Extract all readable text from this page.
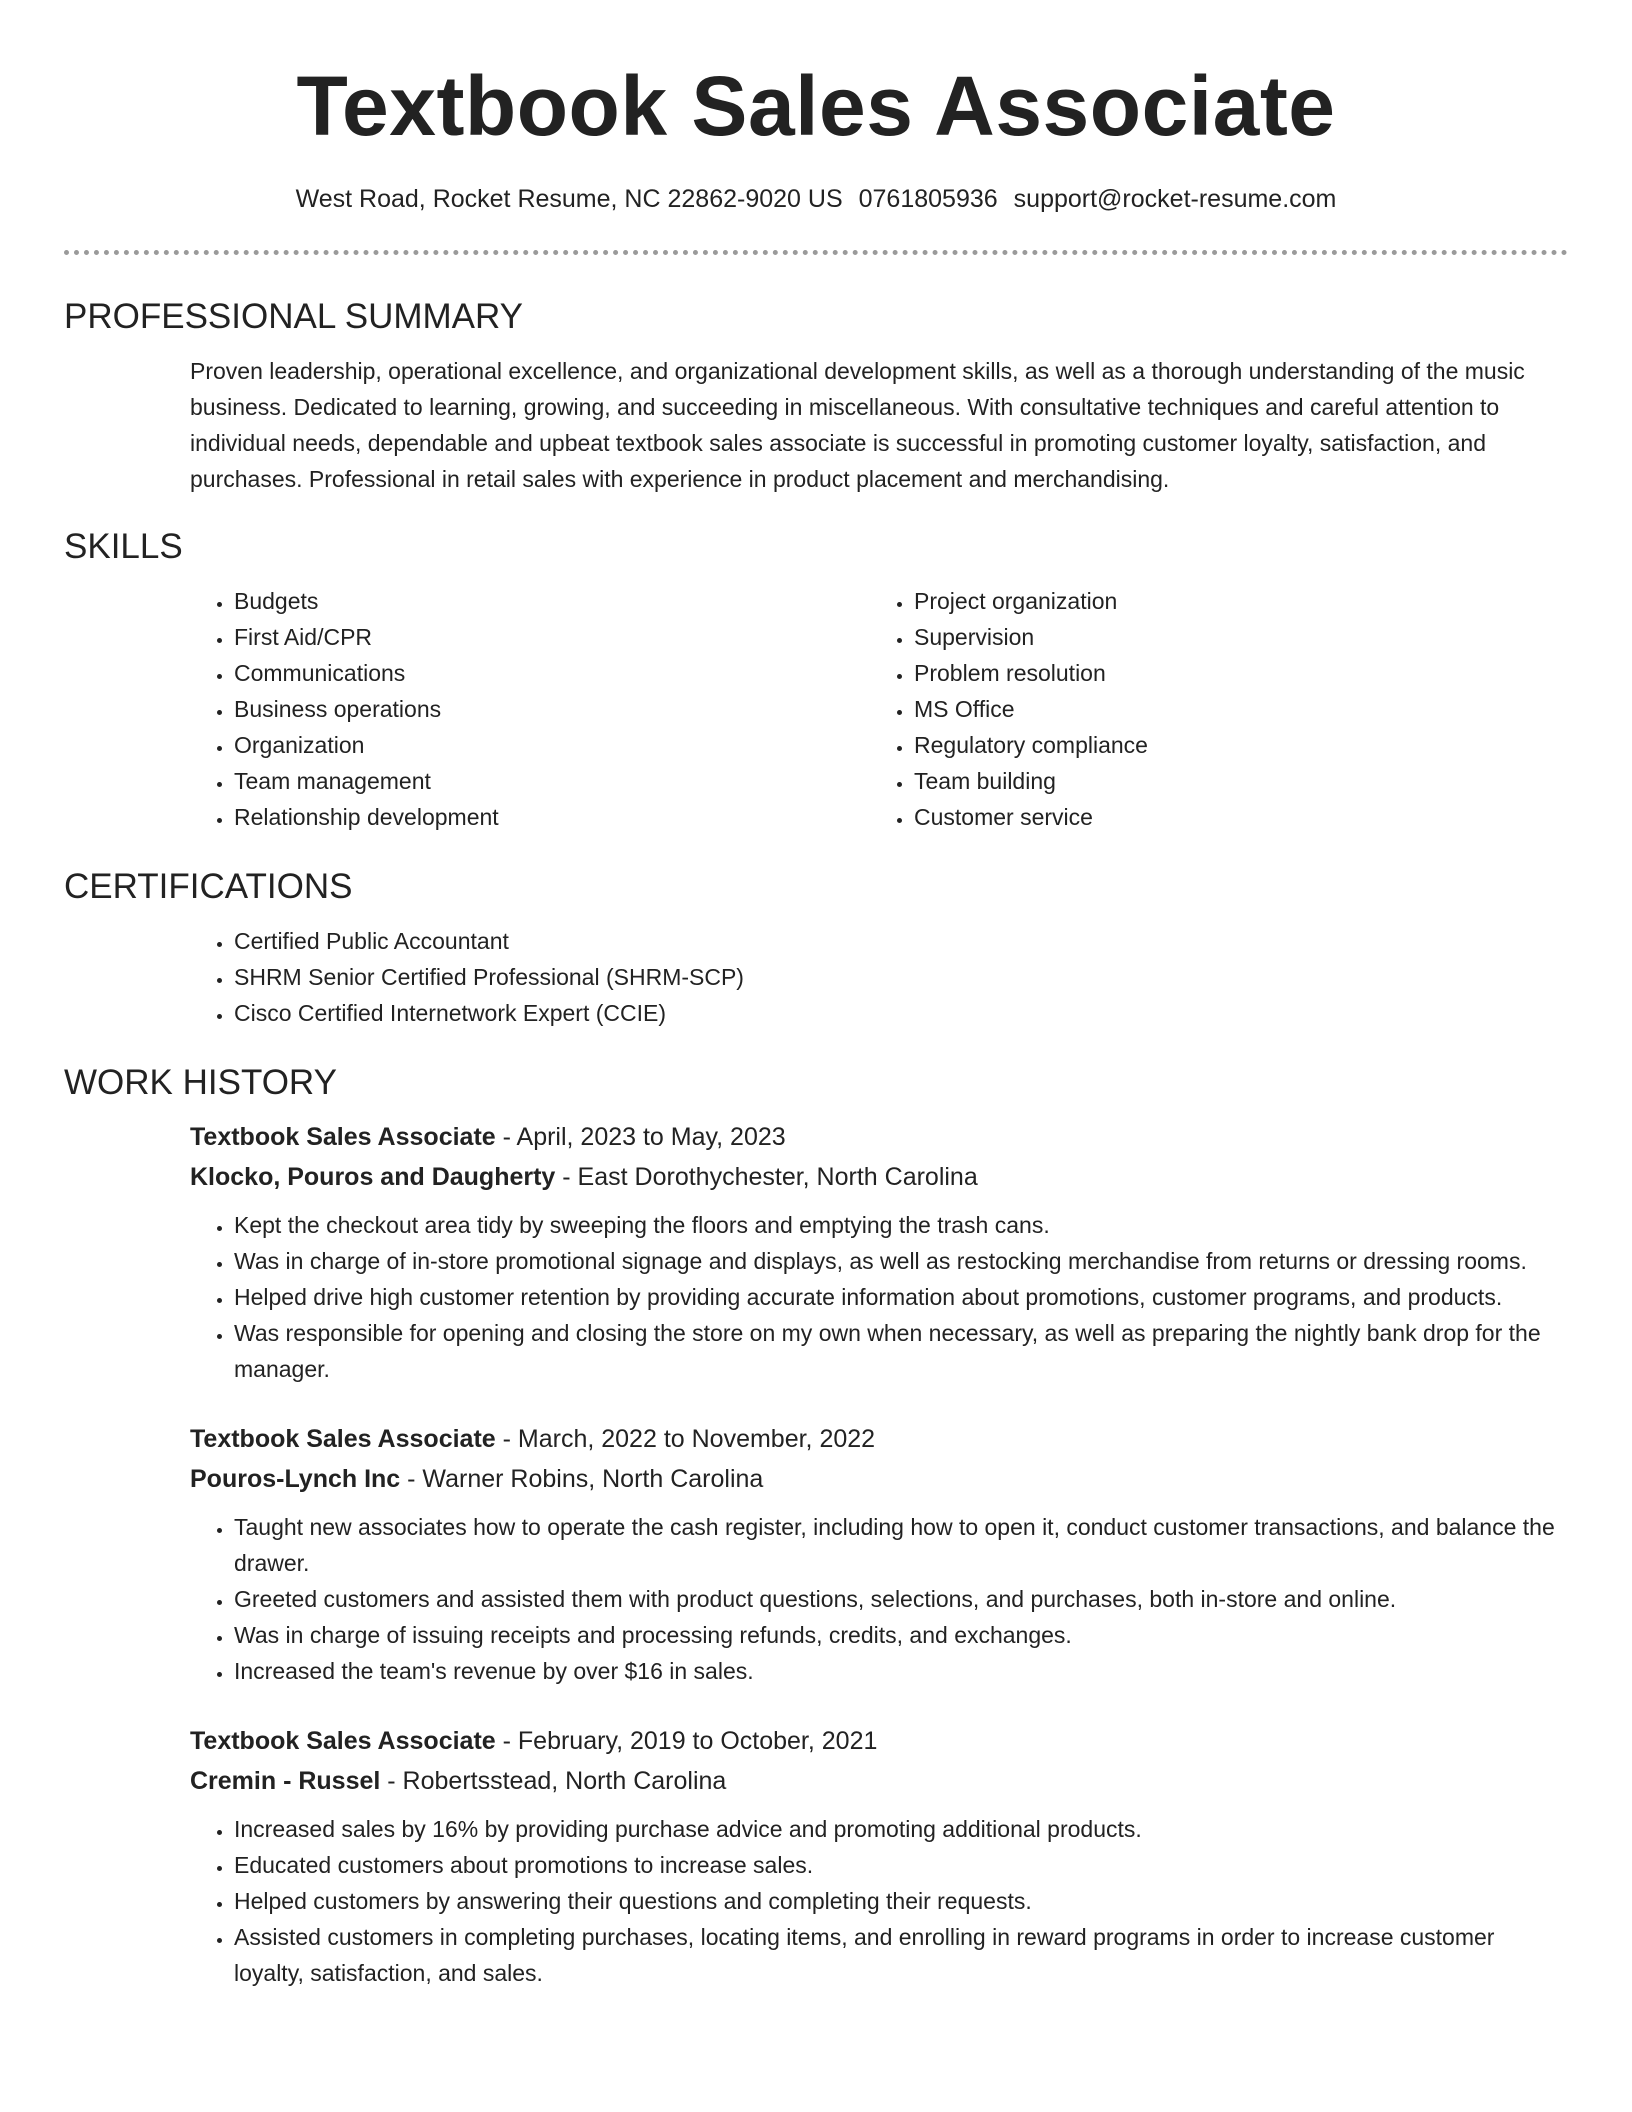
Textbook Sales Associate
West Road, Rocket Resume, NC 22862-9020 US 0761805936 support@rocket-resume.com
PROFESSIONAL SUMMARY
Proven leadership, operational excellence, and organizational development skills, as well as a thorough understanding of the music business. Dedicated to learning, growing, and succeeding in miscellaneous. With consultative techniques and careful attention to individual needs, dependable and upbeat textbook sales associate is successful in promoting customer loyalty, satisfaction, and purchases. Professional in retail sales with experience in product placement and merchandising.
SKILLS
• Budgets
• First Aid/CPR
• Communications
• Business operations
• Organization
• Team management
• Relationship development
• Project organization
• Supervision
• Problem resolution
• MS Office
• Regulatory compliance
• Team building
• Customer service
CERTIFICATIONS
• Certified Public Accountant
• SHRM Senior Certified Professional (SHRM-SCP)
• Cisco Certified Internetwork Expert (CCIE)
WORK HISTORY
Textbook Sales Associate - April, 2023 to May, 2023
Klocko, Pouros and Daugherty - East Dorothychester, North Carolina
• Kept the checkout area tidy by sweeping the floors and emptying the trash cans.
• Was in charge of in-store promotional signage and displays, as well as restocking merchandise from returns or dressing rooms.
• Helped drive high customer retention by providing accurate information about promotions, customer programs, and products.
• Was responsible for opening and closing the store on my own when necessary, as well as preparing the nightly bank drop for the manager.
Textbook Sales Associate - March, 2022 to November, 2022
Pouros-Lynch Inc - Warner Robins, North Carolina
• Taught new associates how to operate the cash register, including how to open it, conduct customer transactions, and balance the drawer.
• Greeted customers and assisted them with product questions, selections, and purchases, both in-store and online.
• Was in charge of issuing receipts and processing refunds, credits, and exchanges.
• Increased the team's revenue by over $16 in sales.
Textbook Sales Associate - February, 2019 to October, 2021
Cremin - Russel - Robertsstead, North Carolina
• Increased sales by 16% by providing purchase advice and promoting additional products.
• Educated customers about promotions to increase sales.
• Helped customers by answering their questions and completing their requests.
• Assisted customers in completing purchases, locating items, and enrolling in reward programs in order to increase customer loyalty, satisfaction, and sales.
